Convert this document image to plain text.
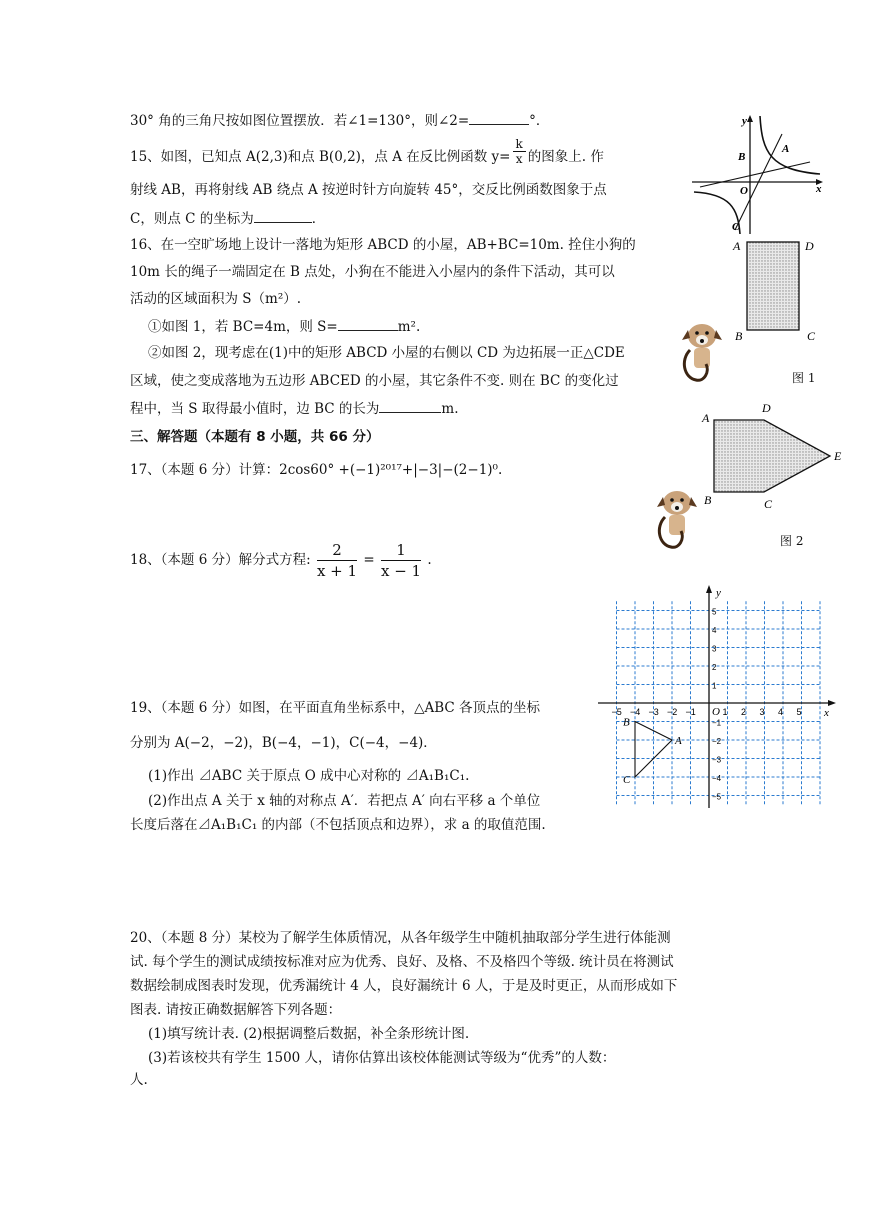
30° 角的三角尺按如图位置摆放．若∠1=130°，则∠2=	°．
15、如图，已知点 A(2,3)和点 B(0,2)，点 A 在反比例函数 $y= \frac{k}{x}$ 的图象上. 作
射线 AB，再将射线 AB 绕点 A 按逆时针方向旋转 45°，交反比例函数图象于点
C，则点 C 的坐标为	．
16、在一空旷场地上设计一落地为矩形 ABCD 的小屋，AB+BC=10m. 拴住小狗的
10m 长的绳子一端固定在 B 点处，小狗在不能进入小屋内的条件下活动，其可以
活动的区域面积为 S（m²）.
①如图 1，若 BC=4m，则 S=	m².
②如图 2，现考虑在(1)中的矩形 ABCD 小屋的右侧以 CD 为边拓展一正△CDE
区域，使之变成落地为五边形 ABCED 的小屋，其它条件不变. 则在 BC 的变化过
程中，当 S 取得最小值时，边 BC 的长为	m.
三、解答题（本题有 8 小题，共 66 分）
17、（本题 6 分）计算：2cos60° +(−1)²⁰¹⁷+|−3|−(2−1)⁰.
18、（本题 6 分）解分式方程: $\frac{2}{x + 1} = \frac{1}{x - 1}$ .
19、（本题 6 分）如图，在平面直角坐标系中，△ABC 各顶点的坐标
分别为 A(−2，−2)，B(−4，−1)，C(−4，−4)．
(1)作出 ⊿ABC 关于原点 O 成中心对称的 ⊿A₁B₁C₁.
(2)作出点 A 关于 x 轴的对称点 A′．若把点 A′ 向右平移 a 个单位
长度后落在⊿A₁B₁C₁ 的内部（不包括顶点和边界），求 a 的取值范围.
20、（本题 8 分）某校为了解学生体质情况，从各年级学生中随机抽取部分学生进行体能测
试. 每个学生的测试成绩按标准对应为优秀、良好、及格、不及格四个等级. 统计员在将测试
数据绘制成图表时发现，优秀漏统计 4 人，良好漏统计 6 人，于是及时更正，从而形成如下
图表. 请按正确数据解答下列各题：
(1)填写统计表. (2)根据调整后数据，补全条形统计图.
(3)若该校共有学生 1500 人，请你估算出该校体能测试等级为“优秀”的人数：
人.
y
x
A
B
O
C
A	D
B	C
图 1
A
D
E
B	C
图 2
−5 −4 −3 −2 −1	1 2 3 4 5
5
4
3
2
1
−1
−2
−3
−4
−5
y
x
O
B
A
C
